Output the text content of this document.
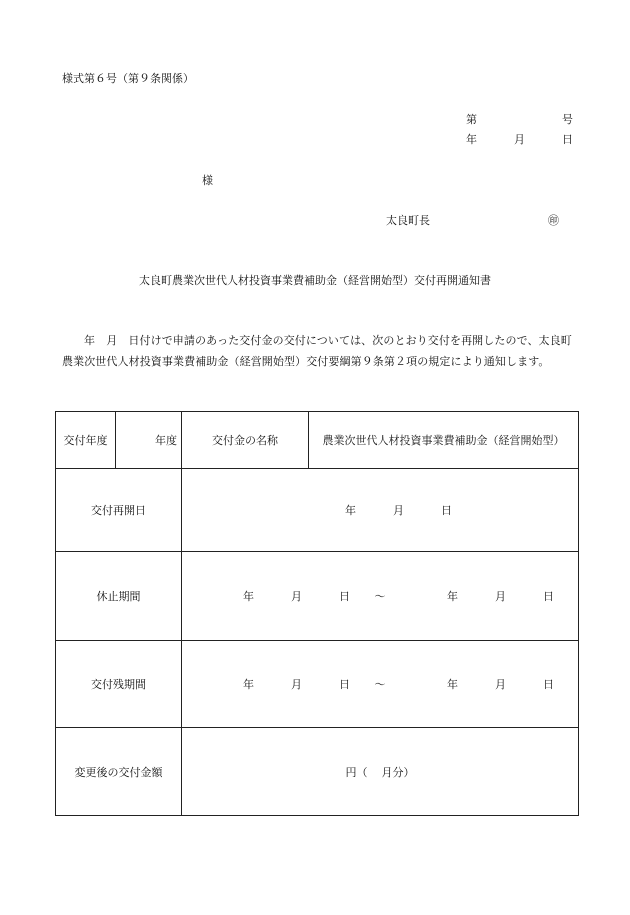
様式第６号（第９条関係）
第	号
年	月	日
様
太良町長	㊞
太良町農業次世代人材投資事業費補助金（経営開始型）交付再開通知書
年　月　日付けで申請のあった交付金の交付については、次のとおり交付を再開したので、太良町農業次世代人材投資事業費補助金（経営開始型）交付要綱第９条第２項の規定により通知します。
交付年度	年度	交付金の名称	農業次世代人材投資事業費補助金（経営開始型）
交付再開日		年 月 日	
休止期間		年 月 日 ～ 年 月 日	
交付残期間		年 月 日 ～ 年 月 日	
変更後の交付金額		円（ 月分）	
